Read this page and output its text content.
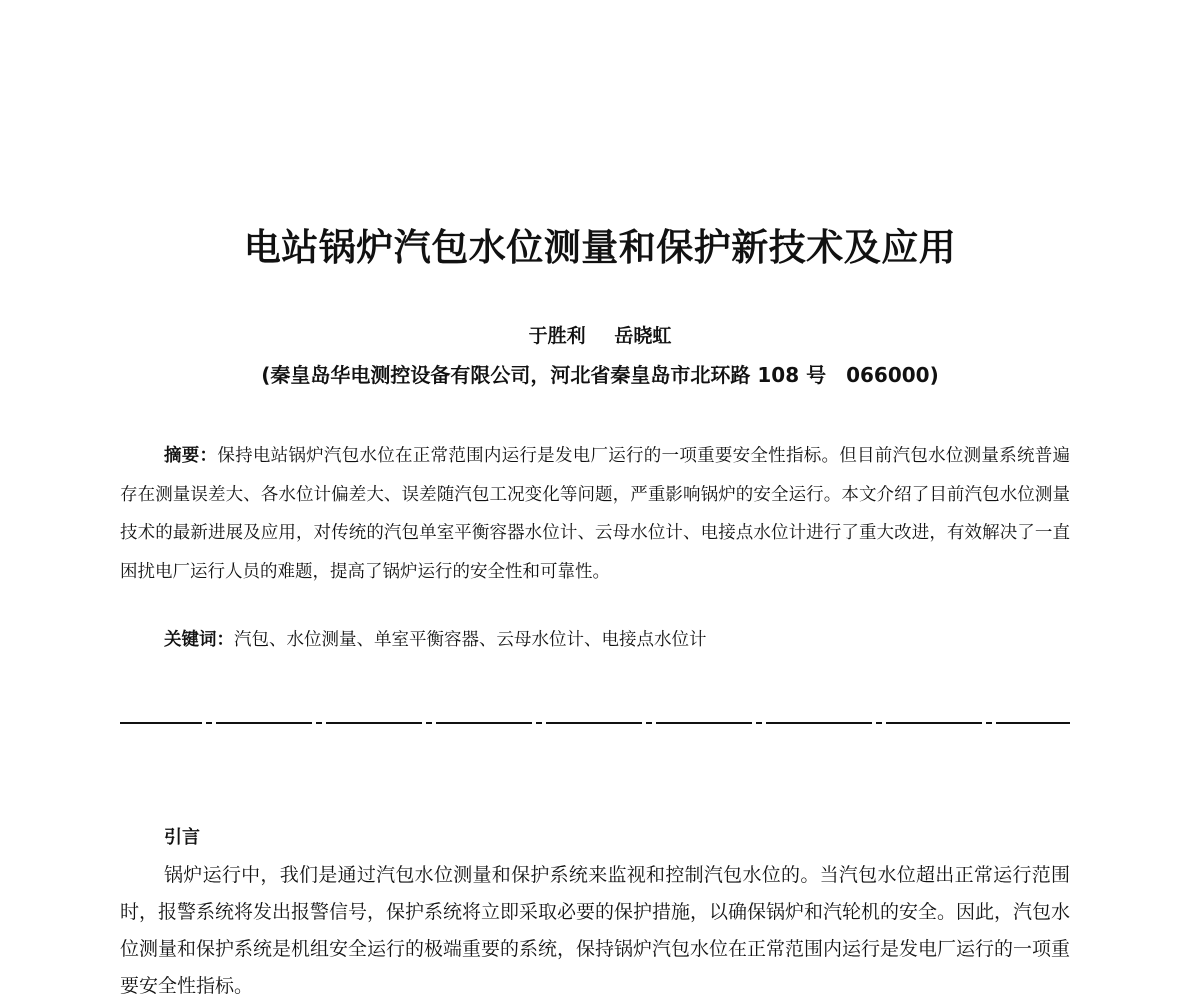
电站锅炉汽包水位测量和保护新技术及应用
于胜利 岳晓虹
(秦皇岛华电测控设备有限公司，河北省秦皇岛市北环路 108 号　066000)

摘要：保持电站锅炉汽包水位在正常范围内运行是发电厂运行的一项重要安全性指标。但目前汽包水位测量系统普遍存在测量误差大、各水位计偏差大、误差随汽包工况变化等问题，严重影响锅炉的安全运行。本文介绍了目前汽包水位测量技术的最新进展及应用，对传统的汽包单室平衡容器水位计、云母水位计、电接点水位计进行了重大改进，有效解决了一直困扰电厂运行人员的难题，提高了锅炉运行的安全性和可靠性。

关键词：汽包、水位测量、单室平衡容器、云母水位计、电接点水位计

引言

锅炉运行中，我们是通过汽包水位测量和保护系统来监视和控制汽包水位的。当汽包水位超出正常运行范围时，报警系统将发出报警信号，保护系统将立即采取必要的保护措施，以确保锅炉和汽轮机的安全。因此，汽包水位测量和保护系统是机组安全运行的极端重要的系统，保持锅炉汽包水位在正常范围内运行是发电厂运行的一项重要安全性指标。
